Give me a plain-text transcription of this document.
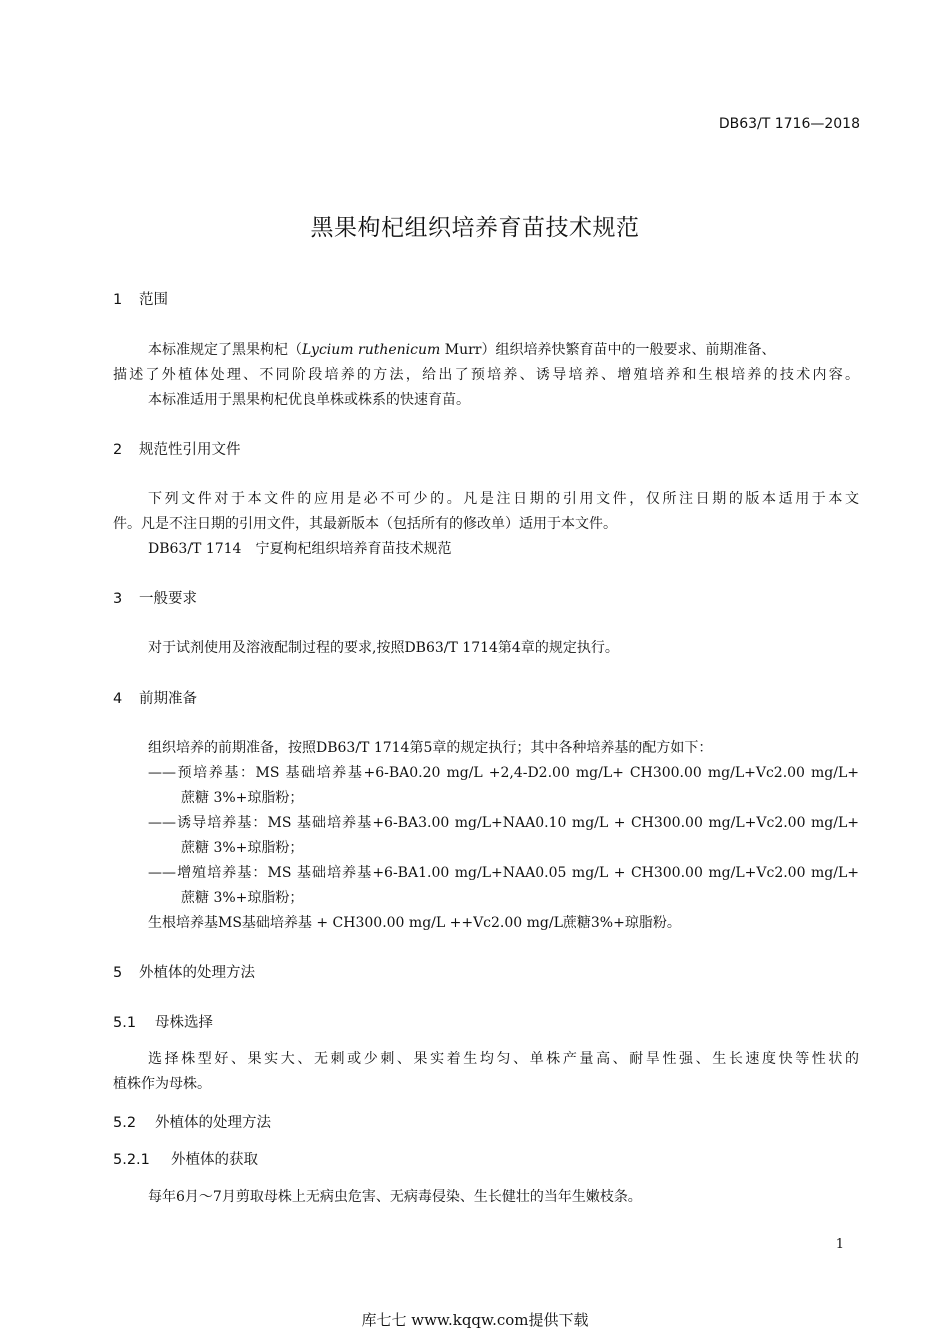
DB63/T 1716—2018
黑果枸杞组织培养育苗技术规范
1 范围
本标准规定了黑果枸杞（Lycium ruthenicum Murr）组织培养快繁育苗中的一般要求、前期准备、
描述了外植体处理、不同阶段培养的方法，给出了预培养、诱导培养、增殖培养和生根培养的技术内容。
本标准适用于黑果枸杞优良单株或株系的快速育苗。
2 规范性引用文件
下列文件对于本文件的应用是必不可少的。凡是注日期的引用文件，仅所注日期的版本适用于本文
件。凡是不注日期的引用文件，其最新版本（包括所有的修改单）适用于本文件。
DB63/T 1714　宁夏枸杞组织培养育苗技术规范
3 一般要求
对于试剂使用及溶液配制过程的要求,按照DB63/T 1714第4章的规定执行。
4 前期准备
组织培养的前期准备，按照DB63/T 1714第5章的规定执行；其中各种培养基的配方如下：
——预培养基：MS 基础培养基+6-BA0.20 mg/L +2,4-D2.00 mg/L+ CH300.00 mg/L+Vc2.00 mg/L+
蔗糖 3%+琼脂粉；
——诱导培养基：MS 基础培养基+6-BA3.00 mg/L+NAA0.10 mg/L + CH300.00 mg/L+Vc2.00 mg/L+
蔗糖 3%+琼脂粉；
——增殖培养基：MS 基础培养基+6-BA1.00 mg/L+NAA0.05 mg/L + CH300.00 mg/L+Vc2.00 mg/L+
蔗糖 3%+琼脂粉；
生根培养基MS基础培养基 + CH300.00 mg/L ++Vc2.00 mg/L蔗糖3%+琼脂粉。
5 外植体的处理方法
5.1 母株选择
选择株型好、果实大、无刺或少刺、果实着生均匀、单株产量高、耐旱性强、生长速度快等性状的
植株作为母株。
5.2 外植体的处理方法
5.2.1 外植体的获取
每年6月～7月剪取母株上无病虫危害、无病毒侵染、生长健壮的当年生嫩枝条。
1
库七七 www.kqqw.com提供下载
